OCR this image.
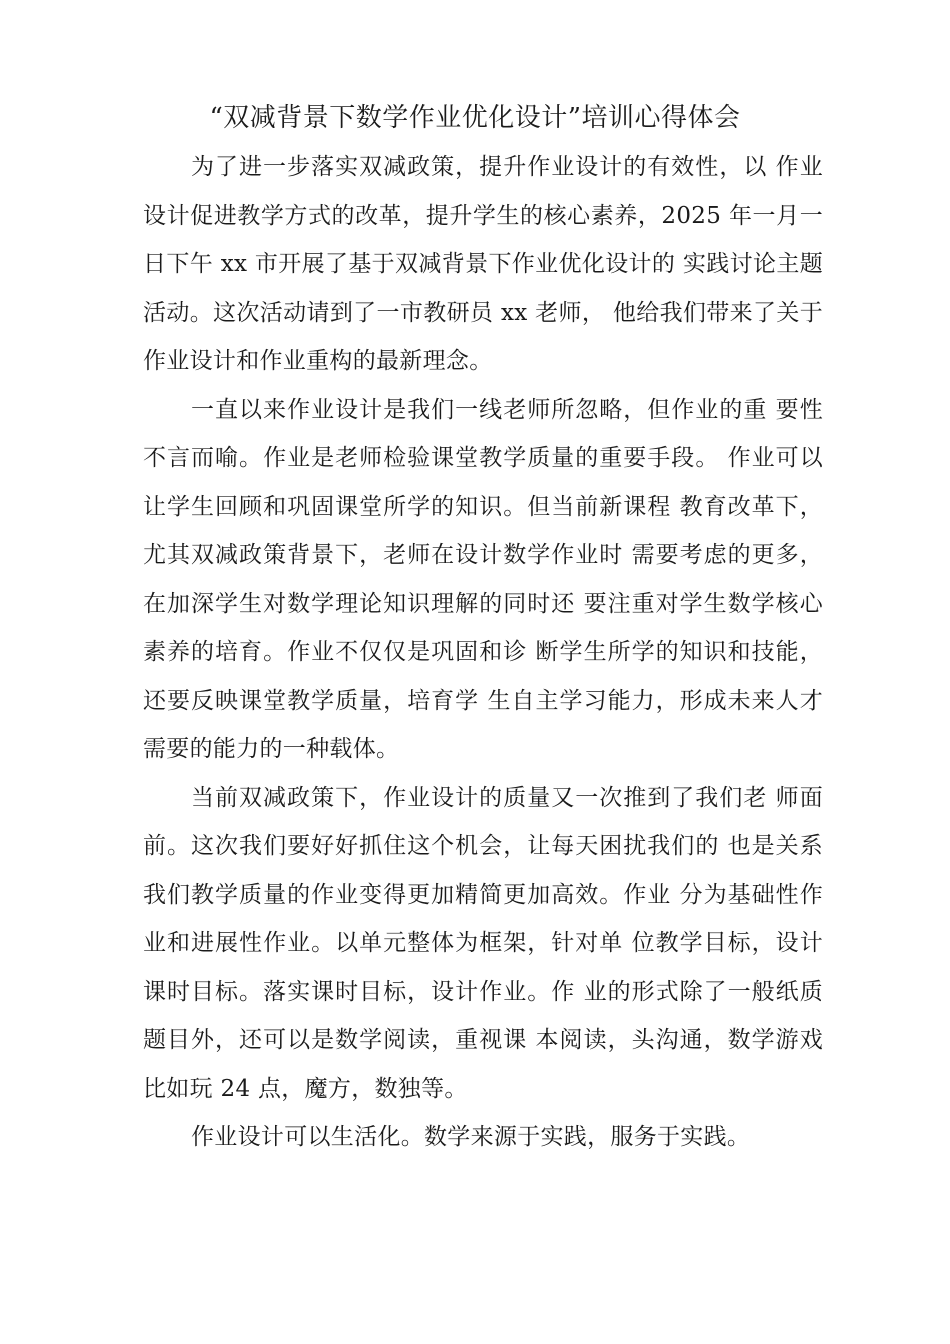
“双减背景下数学作业优化设计”培训心得体会
为了进一步落实双减政策，提升作业设计的有效性，以 作业
设计促进教学方式的改革，提升学生的核心素养，2025 年一月一
日下午 xx 市开展了基于双减背景下作业优化设计的 实践讨论主题
活动。这次活动请到了一市教研员 xx 老师， 他给我们带来了关于
作业设计和作业重构的最新理念。
一直以来作业设计是我们一线老师所忽略，但作业的重 要性
不言而喻。作业是老师检验课堂教学质量的重要手段。 作业可以
让学生回顾和巩固课堂所学的知识。但当前新课程 教育改革下，
尤其双减政策背景下，老师在设计数学作业时 需要考虑的更多，
在加深学生对数学理论知识理解的同时还 要注重对学生数学核心
素养的培育。作业不仅仅是巩固和诊 断学生所学的知识和技能，
还要反映课堂教学质量，培育学 生自主学习能力，形成未来人才
需要的能力的一种载体。
当前双减政策下，作业设计的质量又一次推到了我们老 师面
前。这次我们要好好抓住这个机会，让每天困扰我们的 也是关系
我们教学质量的作业变得更加精简更加高效。作业 分为基础性作
业和进展性作业。以单元整体为框架，针对单 位教学目标，设计
课时目标。落实课时目标，设计作业。作 业的形式除了一般纸质
题目外，还可以是数学阅读，重视课 本阅读，头沟通，数学游戏
比如玩 24 点，魔方，数独等。
作业设计可以生活化。数学来源于实践，服务于实践。
